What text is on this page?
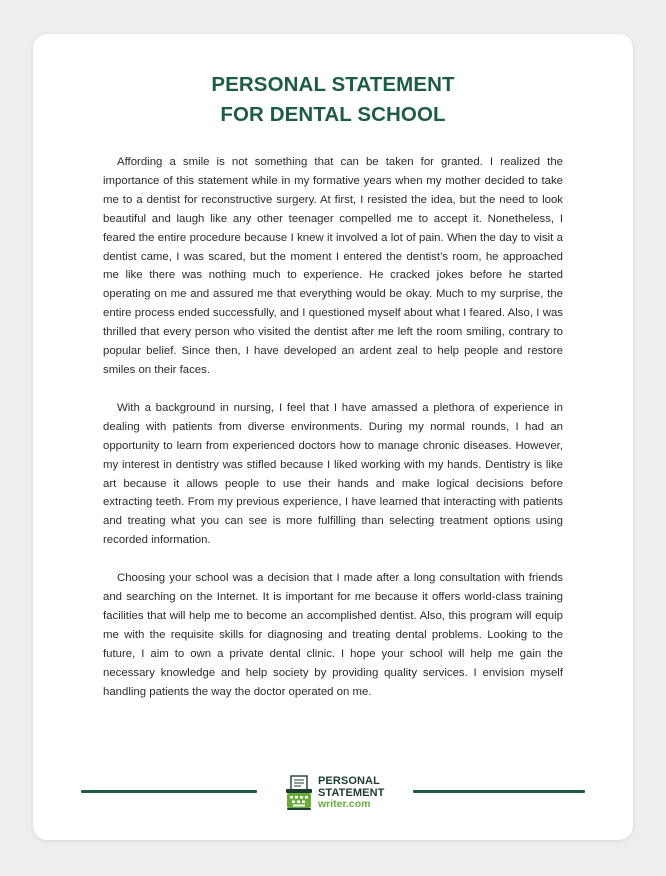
PERSONAL STATEMENT
FOR DENTAL SCHOOL

Affording a smile is not something that can be taken for granted. I realized the importance of this statement while in my formative years when my mother decided to take me to a dentist for reconstructive surgery. At first, I resisted the idea, but the need to look beautiful and laugh like any other teenager compelled me to accept it. Nonetheless, I feared the entire procedure because I knew it involved a lot of pain. When the day to visit a dentist came, I was scared, but the moment I entered the dentist’s room, he approached me like there was nothing much to experience. He cracked jokes before he started operating on me and assured me that everything would be okay. Much to my surprise, the entire process ended successfully, and I questioned myself about what I feared. Also, I was thrilled that every person who visited the dentist after me left the room smiling, contrary to popular belief. Since then, I have developed an ardent zeal to help people and restore smiles on their faces.

With a background in nursing, I feel that I have amassed a plethora of experience in dealing with patients from diverse environments. During my normal rounds, I had an opportunity to learn from experienced doctors how to manage chronic diseases. However, my interest in dentistry was stifled because I liked working with my hands. Dentistry is like art because it allows people to use their hands and make logical decisions before extracting teeth. From my previous experience, I have learned that interacting with patients and treating what you can see is more fulfilling than selecting treatment options using recorded information.

Choosing your school was a decision that I made after a long consultation with friends and searching on the Internet. It is important for me because it offers world-class training facilities that will help me to become an accomplished dentist. Also, this program will equip me with the requisite skills for diagnosing and treating dental problems. Looking to the future, I aim to own a private dental clinic. I hope your school will help me gain the necessary knowledge and help society by providing quality services. I envision myself handling patients the way the doctor operated on me.

PERSONAL
STATEMENT
writer.com
